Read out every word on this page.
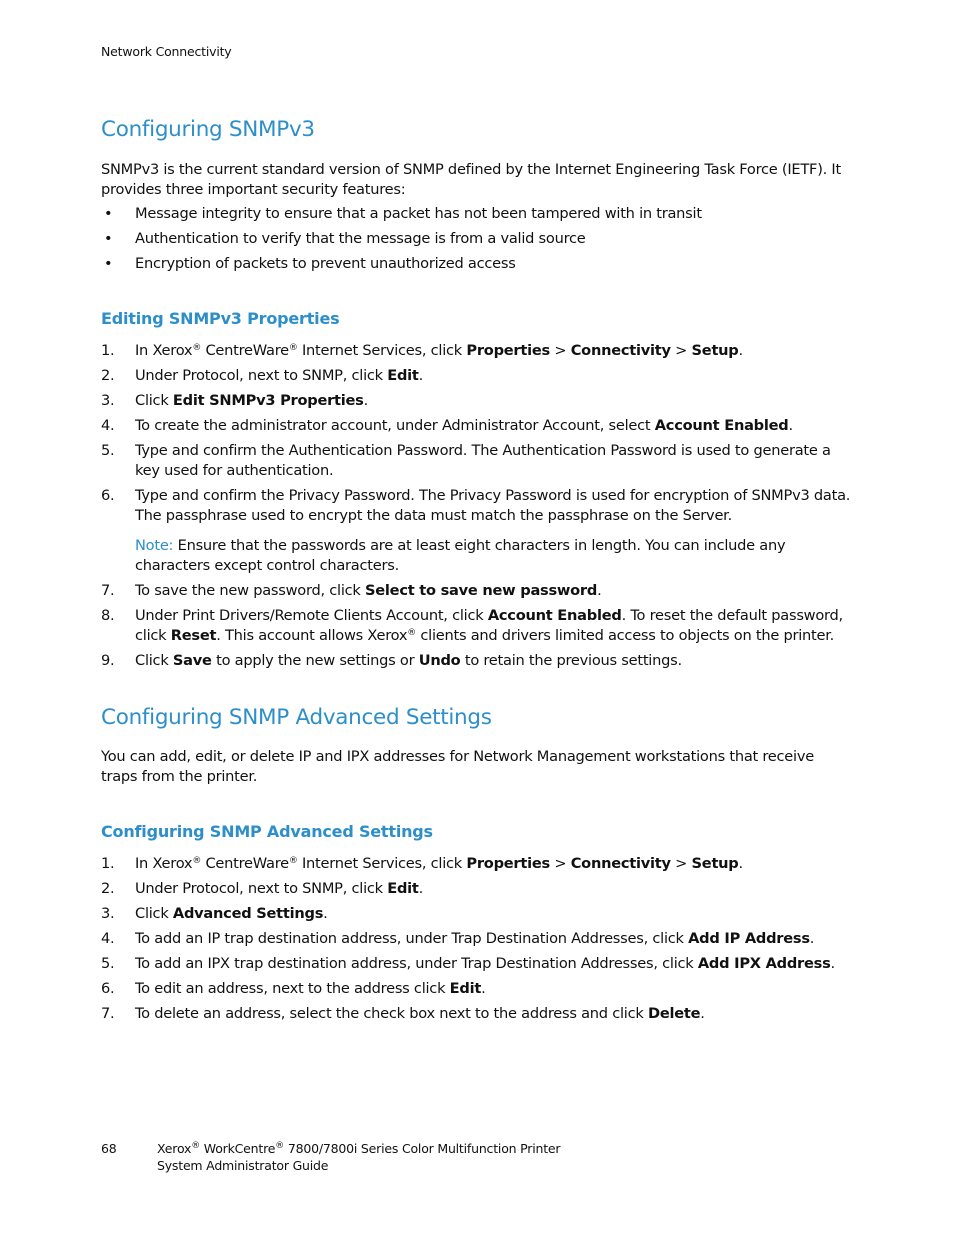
Network Connectivity
Configuring SNMPv3

SNMPv3 is the current standard version of SNMP defined by the Internet Engineering Task Force (IETF). It provides three important security features:

• Message integrity to ensure that a packet has not been tampered with in transit
• Authentication to verify that the message is from a valid source
• Encryption of packets to prevent unauthorized access
Editing SNMPv3 Properties
1. In Xerox® CentreWare® Internet Services, click Properties > Connectivity > Setup.
2. Under Protocol, next to SNMP, click Edit.
3. Click Edit SNMPv3 Properties.
4. To create the administrator account, under Administrator Account, select Account Enabled.
5. Type and confirm the Authentication Password. The Authentication Password is used to generate a key used for authentication.
6. Type and confirm the Privacy Password. The Privacy Password is used for encryption of SNMPv3 data. The passphrase used to encrypt the data must match the passphrase on the Server.
Note: Ensure that the passwords are at least eight characters in length. You can include any characters except control characters.
7. To save the new password, click Select to save new password.
8. Under Print Drivers/Remote Clients Account, click Account Enabled. To reset the default password, click Reset. This account allows Xerox® clients and drivers limited access to objects on the printer.
9. Click Save to apply the new settings or Undo to retain the previous settings.
Configuring SNMP Advanced Settings

You can add, edit, or delete IP and IPX addresses for Network Management workstations that receive traps from the printer.

Configuring SNMP Advanced Settings
1. In Xerox® CentreWare® Internet Services, click Properties > Connectivity > Setup.
2. Under Protocol, next to SNMP, click Edit.
3. Click Advanced Settings.
4. To add an IP trap destination address, under Trap Destination Addresses, click Add IP Address.
5. To add an IPX trap destination address, under Trap Destination Addresses, click Add IPX Address.
6. To edit an address, next to the address click Edit.
7. To delete an address, select the check box next to the address and click Delete.
68	Xerox® WorkCentre® 7800/7800i Series Color Multifunction Printer
System Administrator Guide
